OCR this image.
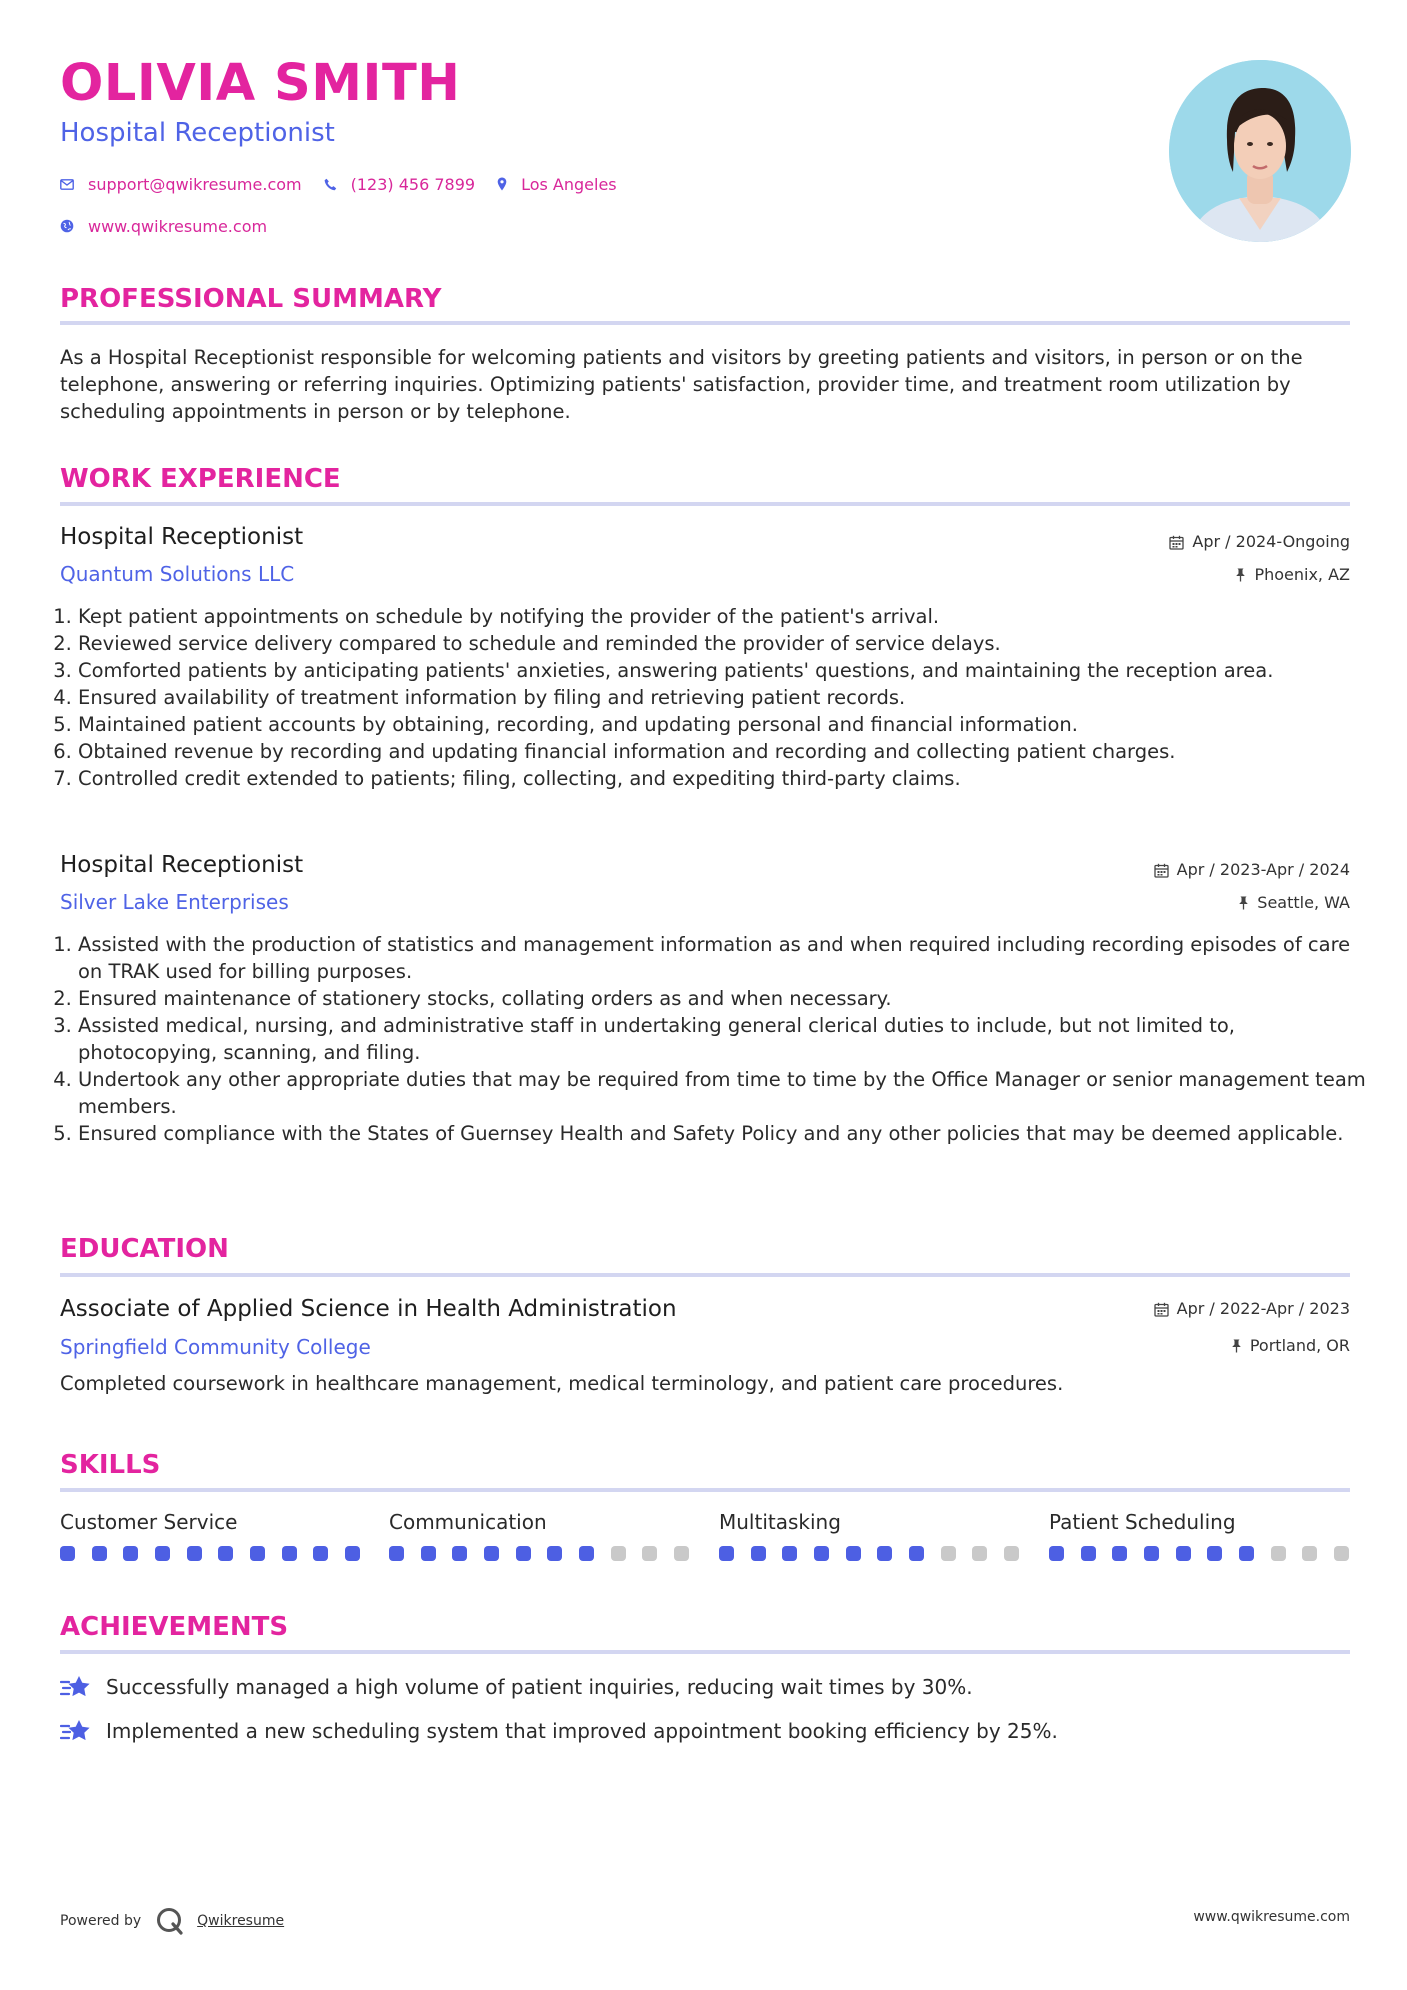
OLIVIA SMITH
Hospital Receptionist
support@qwikresume.com	(123) 456 7899	Los Angeles
www.qwikresume.com
PROFESSIONAL SUMMARY
As a Hospital Receptionist responsible for welcoming patients and visitors by greeting patients and visitors, in person or on the telephone, answering or referring inquiries. Optimizing patients' satisfaction, provider time, and treatment room utilization by scheduling appointments in person or by telephone.
WORK EXPERIENCE
Hospital Receptionist
Quantum Solutions LLC
Apr / 2024-Ongoing
Phoenix, AZ
1. Kept patient appointments on schedule by notifying the provider of the patient's arrival.
2. Reviewed service delivery compared to schedule and reminded the provider of service delays.
3. Comforted patients by anticipating patients' anxieties, answering patients' questions, and maintaining the reception area.
4. Ensured availability of treatment information by filing and retrieving patient records.
5. Maintained patient accounts by obtaining, recording, and updating personal and financial information.
6. Obtained revenue by recording and updating financial information and recording and collecting patient charges.
7. Controlled credit extended to patients; filing, collecting, and expediting third-party claims.
Hospital Receptionist
Silver Lake Enterprises
Apr / 2023-Apr / 2024
Seattle, WA
1. Assisted with the production of statistics and management information as and when required including recording episodes of care on TRAK used for billing purposes.
2. Ensured maintenance of stationery stocks, collating orders as and when necessary.
3. Assisted medical, nursing, and administrative staff in undertaking general clerical duties to include, but not limited to, photocopying, scanning, and filing.
4. Undertook any other appropriate duties that may be required from time to time by the Office Manager or senior management team members.
5. Ensured compliance with the States of Guernsey Health and Safety Policy and any other policies that may be deemed applicable.
EDUCATION
Associate of Applied Science in Health Administration
Springfield Community College
Apr / 2022-Apr / 2023
Portland, OR
Completed coursework in healthcare management, medical terminology, and patient care procedures.
SKILLS
Customer Service	Communication	Multitasking	Patient Scheduling
ACHIEVEMENTS
Successfully managed a high volume of patient inquiries, reducing wait times by 30%.
Implemented a new scheduling system that improved appointment booking efficiency by 25%.
Powered by	Qwikresume	www.qwikresume.com
